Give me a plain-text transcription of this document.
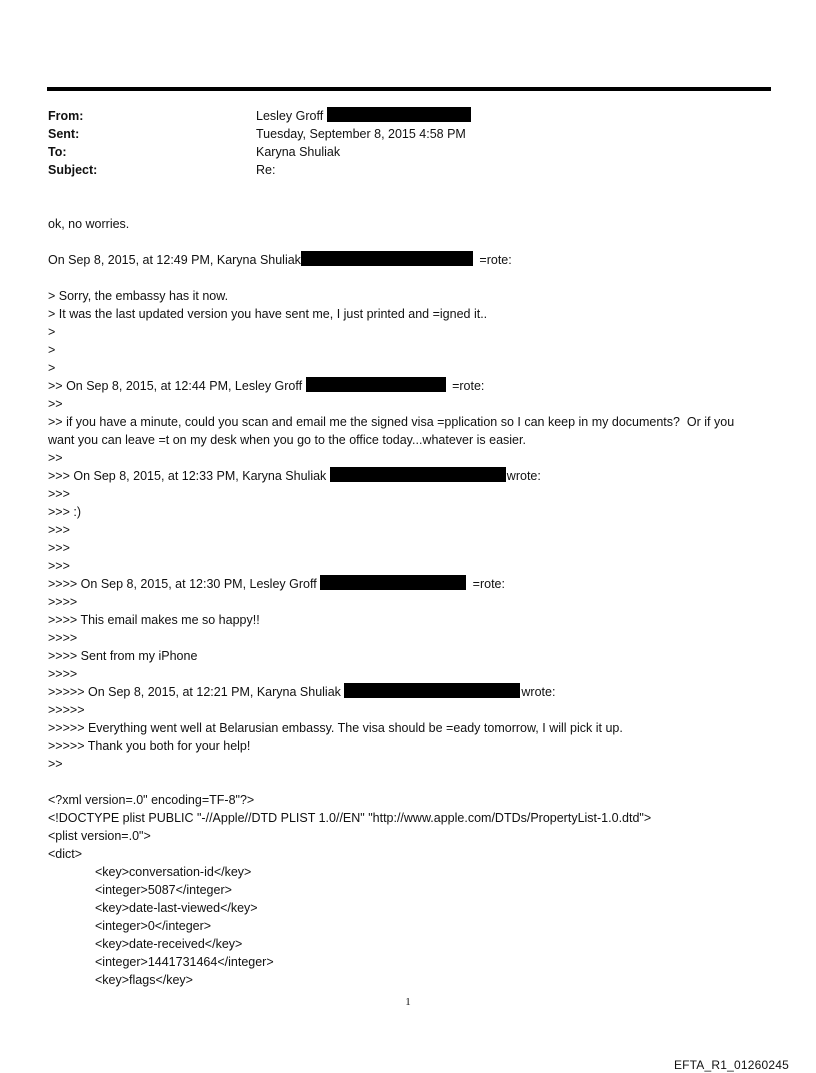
From:	Lesley Groff
Sent:	Tuesday, September 8, 2015 4:58 PM
To:	Karyna Shuliak
Subject:	Re:
ok, no worries.
On Sep 8, 2015, at 12:49 PM, Karyna Shuliak	=rote:
> Sorry, the embassy has it now.
> It was the last updated version you have sent me, I just printed and =igned it..
>
>
>
>> On Sep 8, 2015, at 12:44 PM, Lesley Groff	=rote:
>>
>> if you have a minute, could you scan and email me the signed visa =pplication so I can keep in my documents?  Or if you want you can leave =t on my desk when you go to the office today...whatever is easier.
>>
>>> On Sep 8, 2015, at 12:33 PM, Karyna Shuliak	wrote:
>>>
>>> :)
>>>
>>>
>>>
>>>> On Sep 8, 2015, at 12:30 PM, Lesley Groff	=rote:
>>>>
>>>> This email makes me so happy!!
>>>>
>>>> Sent from my iPhone
>>>>
>>>>> On Sep 8, 2015, at 12:21 PM, Karyna Shuliak	wrote:
>>>>>
>>>>> Everything went well at Belarusian embassy. The visa should be =eady tomorrow, I will pick it up.
>>>>> Thank you both for your help!
>>
<?xml version=.0" encoding=TF-8"?>
<!DOCTYPE plist PUBLIC "-//Apple//DTD PLIST 1.0//EN" "http://www.apple.com/DTDs/PropertyList-1.0.dtd">
<plist version=.0">
<dict>
<key>conversation-id</key>
<integer>5087</integer>
<key>date-last-viewed</key>
<integer>0</integer>
<key>date-received</key>
<integer>1441731464</integer>
<key>flags</key>
1
EFTA_R1_01260245
